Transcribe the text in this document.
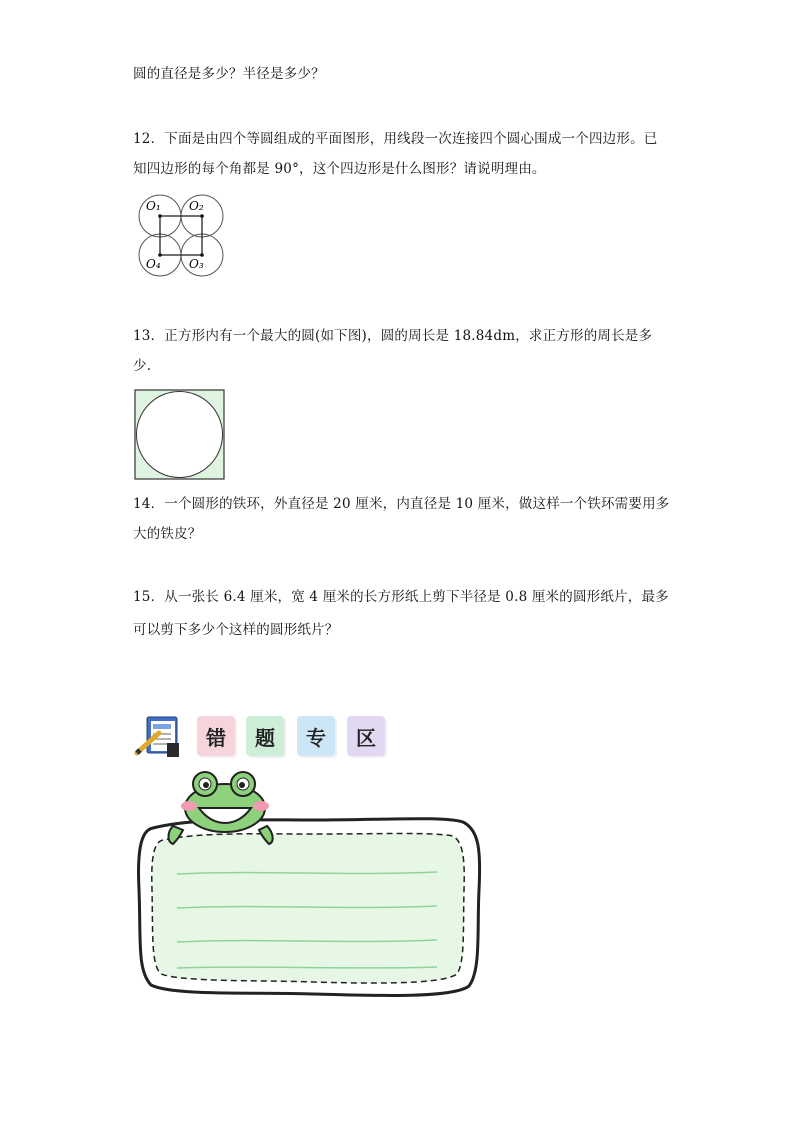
圆的直径是多少？半径是多少？
12．下面是由四个等圆组成的平面图形，用线段一次连接四个圆心围成一个四边形。已
知四边形的每个角都是 90°，这个四边形是什么图形？请说明理由。
13．正方形内有一个最大的圆(如下图)，圆的周长是 18.84dm，求正方形的周长是多
少.
14．一个圆形的铁环，外直径是 20 厘米，内直径是 10 厘米，做这样一个铁环需要用多
大的铁皮？
15．从一张长 6.4 厘米，宽 4 厘米的长方形纸上剪下半径是 0.8 厘米的圆形纸片，最多
可以剪下多少个这样的圆形纸片？
O₁ O₂
O₄ O₃
错	题	专	区
